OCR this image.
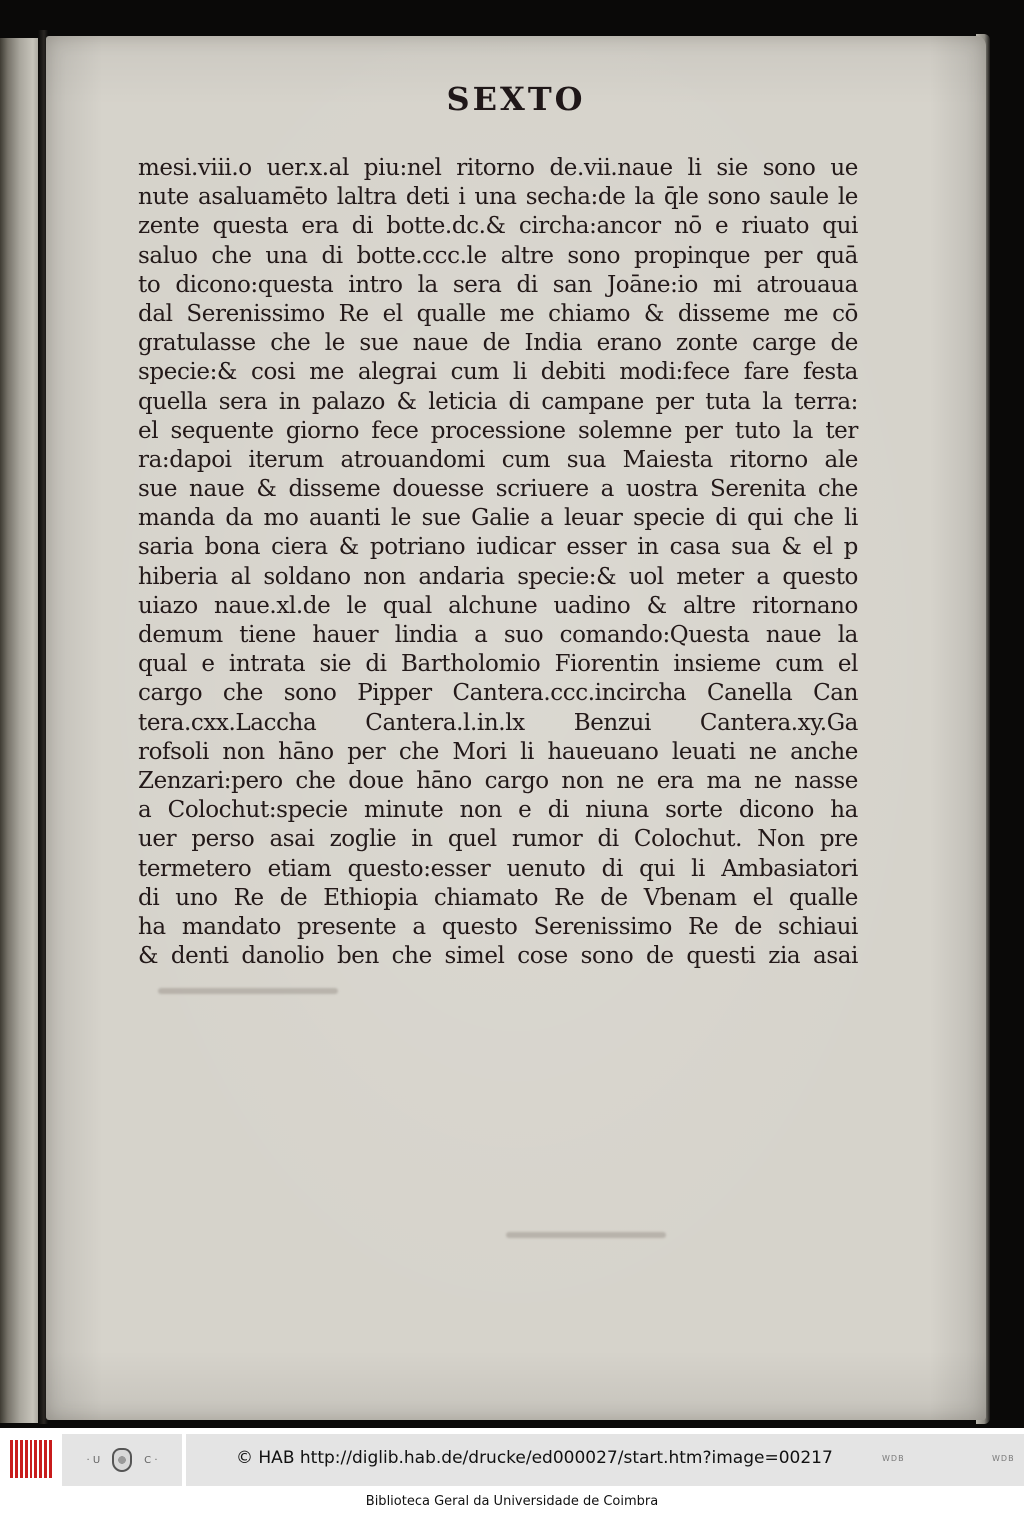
SEXTO
mesi.viii.o uer.x.al piu:nel ritorno de.vii.naue li sie sono ue
nute asaluamēto laltra deti i una secha:de la q̄le sono saule le
zente questa era di botte.dc.& circha:ancor nō e riuato qui
saluo che una di botte.ccc.le altre sono propinque per quā
to dicono:questa intro la sera di san Joāne:io mi atrouaua
dal Serenissimo Re el qualle me chiamo & disseme me cō
gratulasse che le sue naue de India erano zonte carge de
specie:& cosi me alegrai cum li debiti modi:fece fare festa
quella sera in palazo & leticia di campane per tuta la terra:
el sequente giorno fece processione solemne per tuto la ter
ra:dapoi iterum atrouandomi cum sua Maiesta ritorno ale
sue naue & disseme douesse scriuere a uostra Serenita che
manda da mo auanti le sue Galie a leuar specie di qui che li
saria bona ciera & potriano iudicar esser in casa sua & el p
hiberia al soldano non andaria specie:& uol meter a questo
uiazo naue.xl.de le qual alchune uadino & altre ritornano
demum tiene hauer lindia a suo comando:Questa naue la
qual e intrata sie di Bartholomio Fiorentin insieme cum el
cargo che sono Pipper Cantera.ccc.incircha Canella Can
tera.cxx.Laccha Cantera.l.in.lx Benzui Cantera.xy.Ga
rofsoli non hāno per che Mori li haueuano leuati ne anche
Zenzari:pero che doue hāno cargo non ne era ma ne nasse
a Colochut:specie minute non e di niuna sorte dicono ha
uer perso asai zoglie in quel rumor di Colochut. Non pre
termetero etiam questo:esser uenuto di qui li Ambasiatori
di uno Re de Ethiopia chiamato Re de Vbenam el qualle
ha mandato presente a questo Serenissimo Re de schiaui
& denti danolio ben che simel cose sono de questi zia asai
· U	C ·	© HAB http://diglib.hab.de/drucke/ed000027/start.htm?image=00217	WDB	WDB
Biblioteca Geral da Universidade de Coimbra
